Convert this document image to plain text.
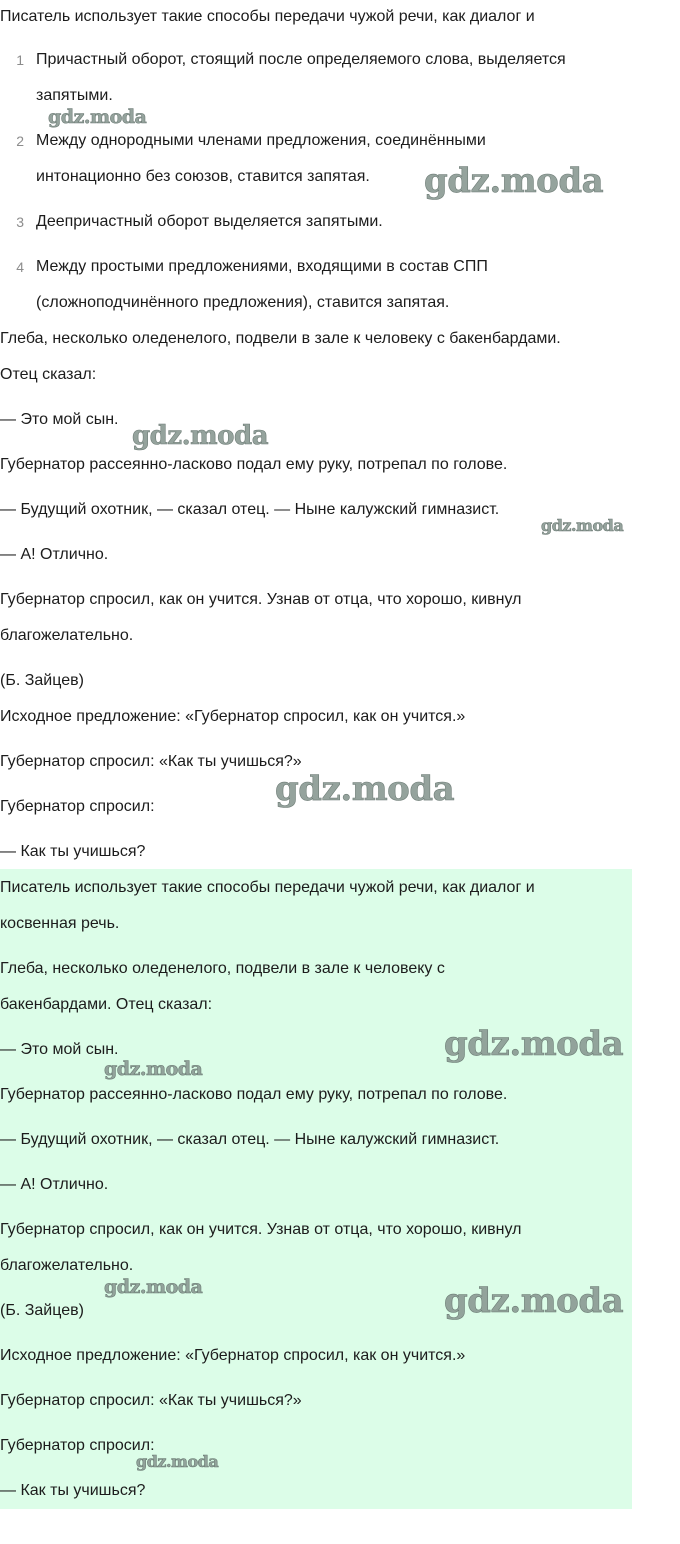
Писатель использует такие способы передачи чужой речи, как диалог и
1 Причастный оборот, стоящий после определяемого слова, выделяется
запятыми.
2 Между однородными членами предложения, соединёнными
интонационно без союзов, ставится запятая.
3 Деепричастный оборот выделяется запятыми.
4 Между простыми предложениями, входящими в состав СПП
(сложноподчинённого предложения), ставится запятая.
Глеба, несколько оледенелого, подвели в зале к человеку с бакенбардами.
Отец сказал:
— Это мой сын.
Губернатор рассеянно-ласково подал ему руку, потрепал по голове.
— Будущий охотник, — сказал отец. — Ныне калужский гимназист.
— А! Отлично.
Губернатор спросил, как он учится. Узнав от отца, что хорошо, кивнул
благожелательно.
(Б. Зайцев)
Исходное предложение: «Губернатор спросил, как он учится.»
Губернатор спросил: «Как ты учишься?»
Губернатор спросил:
— Как ты учишься?
Писатель использует такие способы передачи чужой речи, как диалог и
косвенная речь.
Глеба, несколько оледенелого, подвели в зале к человеку с
бакенбардами. Отец сказал:
— Это мой сын.
Губернатор рассеянно-ласково подал ему руку, потрепал по голове.
— Будущий охотник, — сказал отец. — Ныне калужский гимназист.
— А! Отлично.
Губернатор спросил, как он учится. Узнав от отца, что хорошо, кивнул
благожелательно.
(Б. Зайцев)
Исходное предложение: «Губернатор спросил, как он учится.»
Губернатор спросил: «Как ты учишься?»
Губернатор спросил:
— Как ты учишься?
gdz.moda
gdz.moda
gdz.moda
gdz.moda
gdz.moda
gdz.moda
gdz.moda
gdz.moda	gdz.moda
gdz.moda
